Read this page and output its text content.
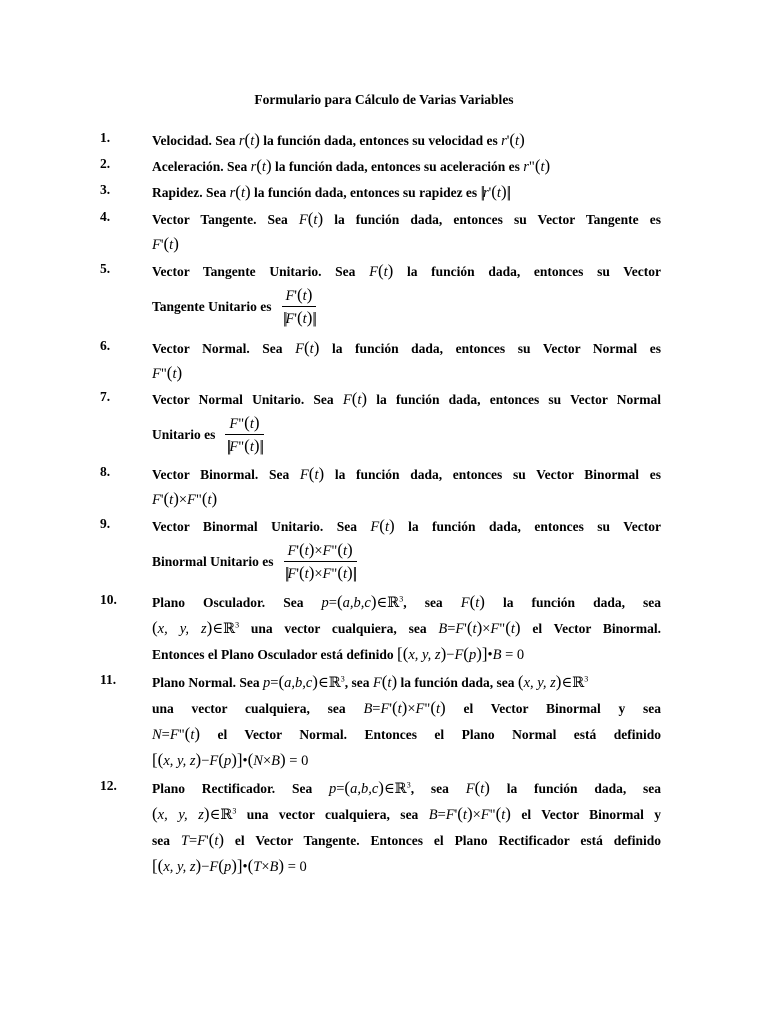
Formulario para Cálculo de Varias Variables
1.	Velocidad. Sea r(t) la función dada, entonces su velocidad es r'(t)
2.	Aceleración. Sea r(t) la función dada, entonces su aceleración es r"(t)
3.	Rapidez. Sea r(t) la función dada, entonces su rapidez es ||r'(t)||
4.	Vector Tangente. Sea F(t) la función dada, entonces su Vector Tangente es
F'(t)
5.	Vector Tangente Unitario. Sea F(t) la función dada, entonces su Vector
Tangente Unitario es $\frac{F'(t)}{||F'(t)||}$
6.	Vector Normal. Sea F(t) la función dada, entonces su Vector Normal es
F"(t)
7.	Vector Normal Unitario. Sea F(t) la función dada, entonces su Vector Normal
Unitario es $\frac{F"(t)}{||F"(t)||}$
8.	Vector Binormal. Sea F(t) la función dada, entonces su Vector Binormal es
F'(t)×F"(t)
9.	Vector Binormal Unitario. Sea F(t) la función dada, entonces su Vector
Binormal Unitario es $\frac{F'(t)\times F"(t)}{||F'(t)\times F"(t)||}$
10.	Plano Osculador. Sea p=(a,b,c)∈ℝ$^3$, sea F(t) la función dada, sea
(x, y, z)∈ℝ$^3$ una vector cualquiera, sea B=F'(t)×F"(t) el Vector Binormal.
Entonces el Plano Osculador está definido [(x, y, z)−F(p)]•B = 0
11.	Plano Normal. Sea p=(a,b,c)∈ℝ$^3$, sea F(t) la función dada, sea (x, y, z)∈ℝ$^3$
una vector cualquiera, sea B=F'(t)×F"(t) el Vector Binormal y sea
N=F"(t) el Vector Normal. Entonces el Plano Normal está definido
[(x, y, z)−F(p)]•(N×B) = 0
12.	Plano Rectificador. Sea p=(a,b,c)∈ℝ$^3$, sea F(t) la función dada, sea
(x, y, z)∈ℝ$^3$ una vector cualquiera, sea B=F'(t)×F"(t) el Vector Binormal y
sea T=F'(t) el Vector Tangente. Entonces el Plano Rectificador está definido
[(x, y, z)−F(p)]•(T×B) = 0
